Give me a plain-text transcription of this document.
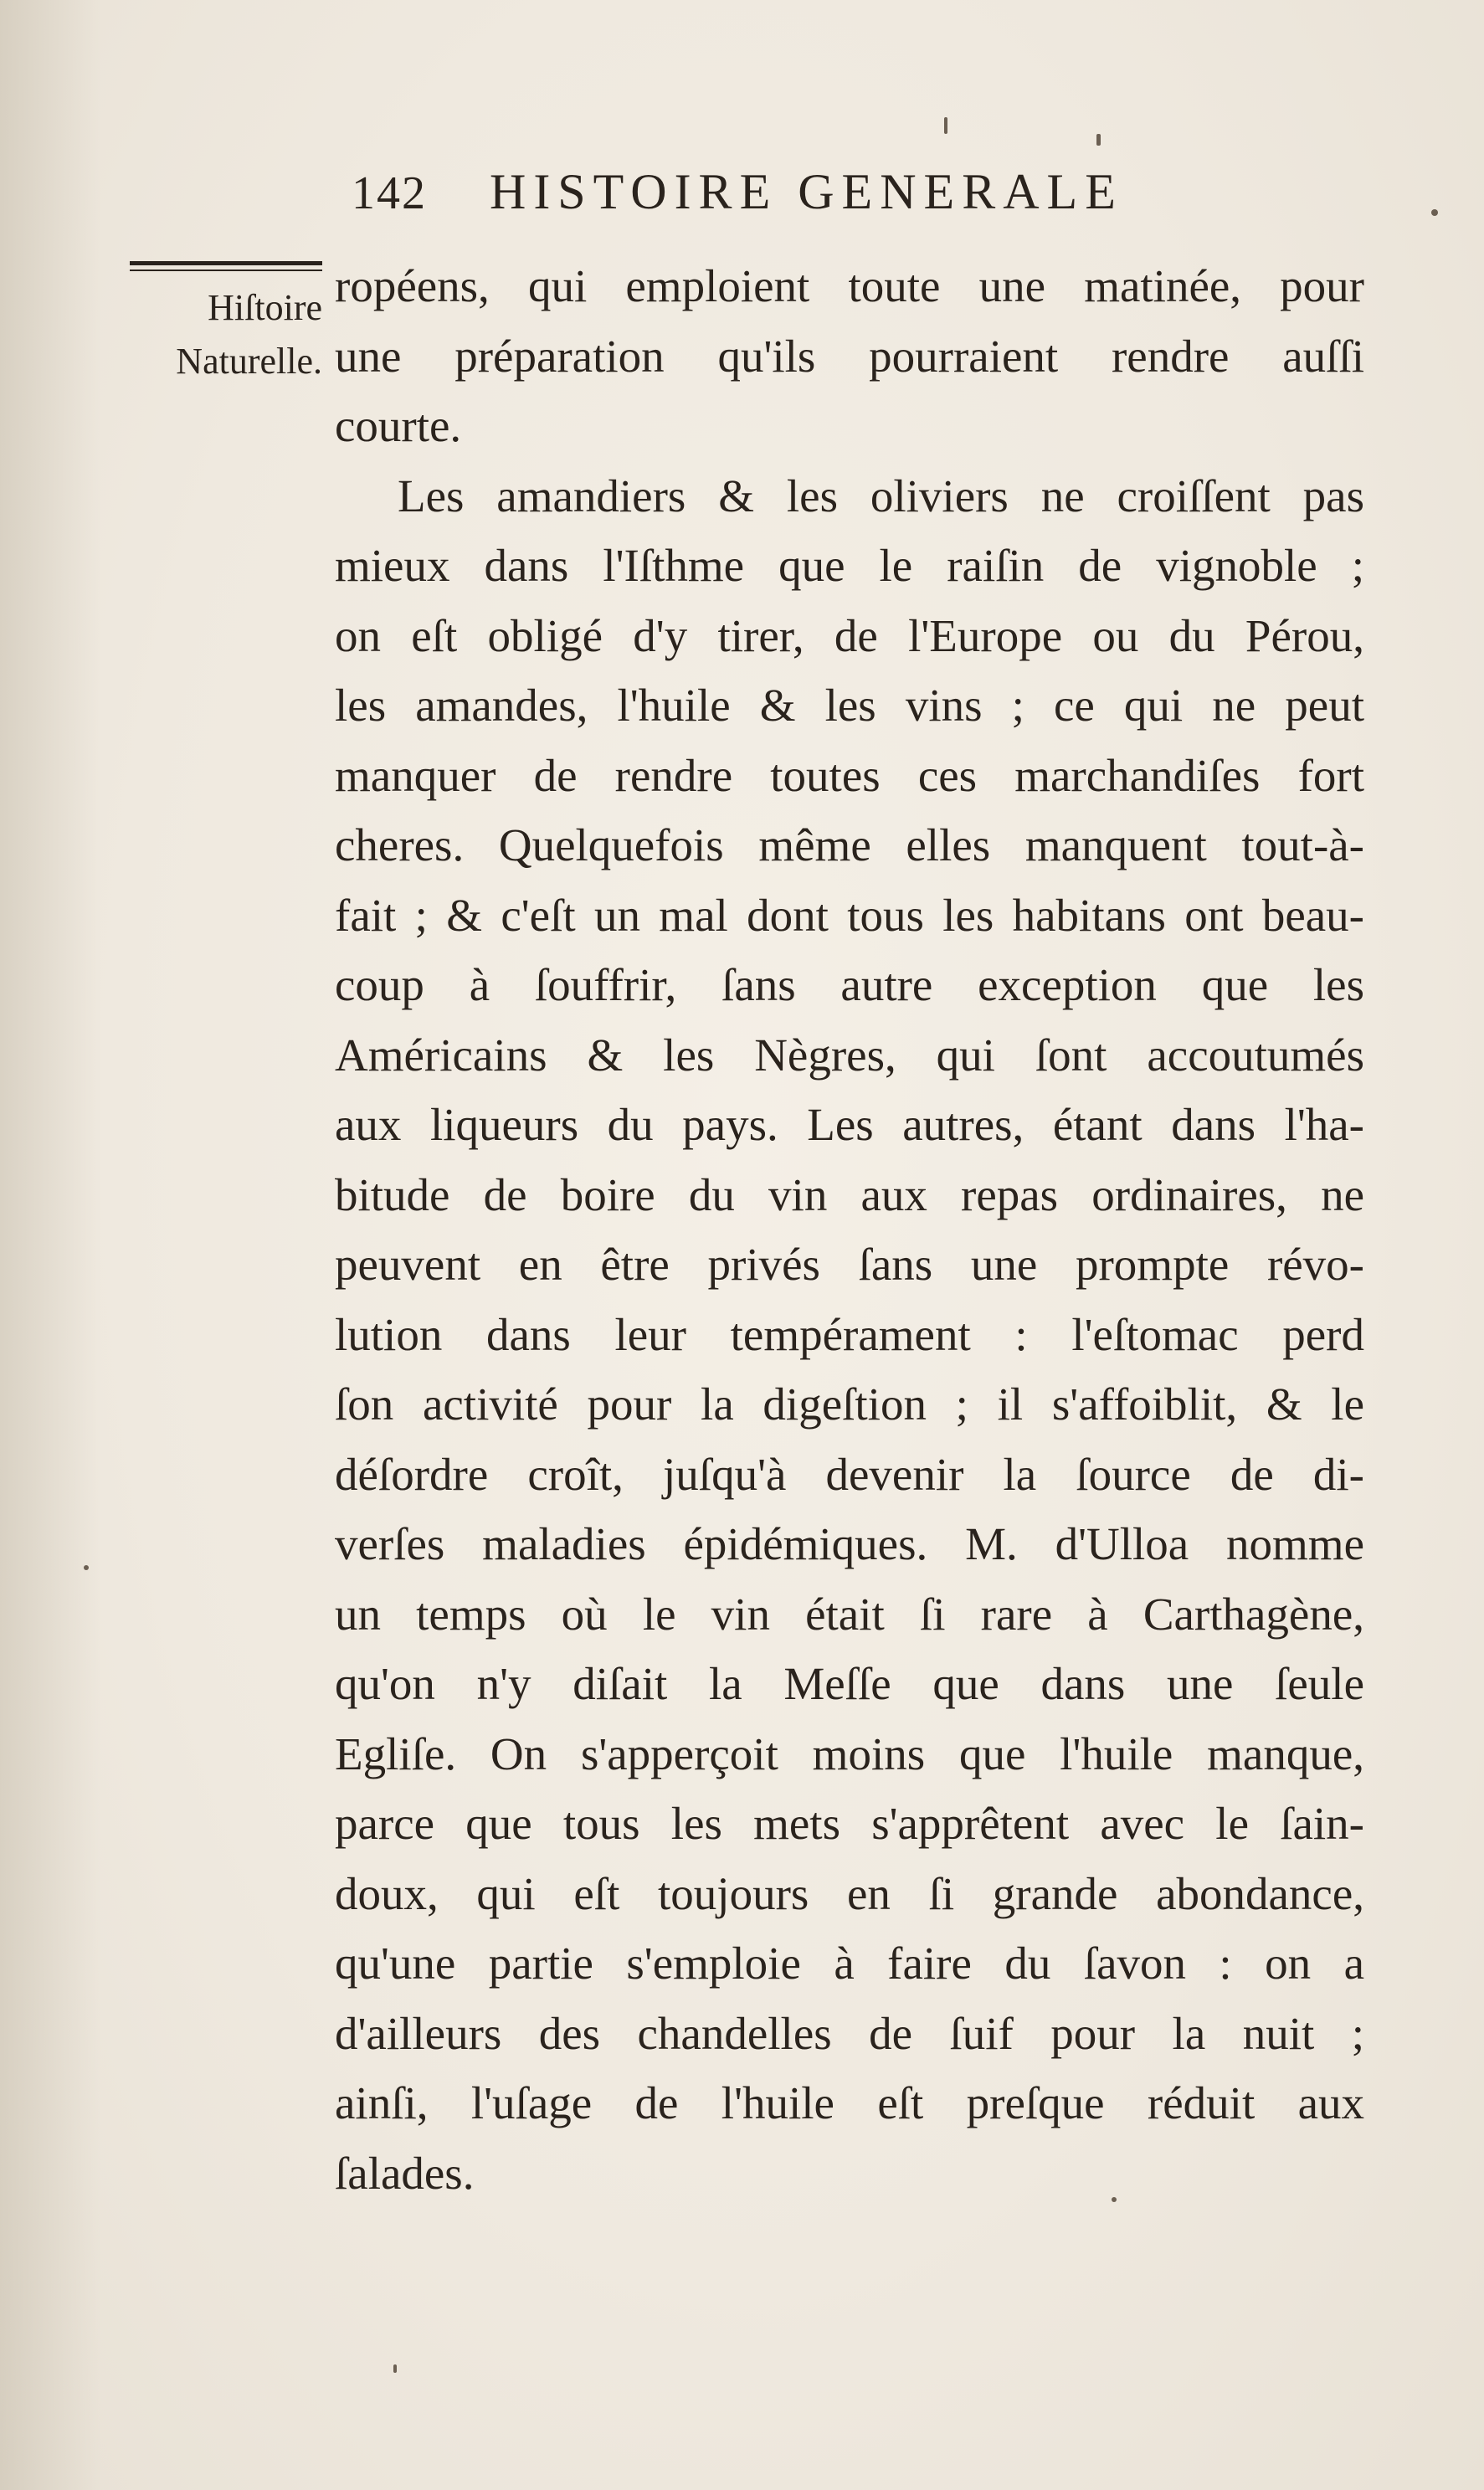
142 HISTOIRE GENERALE
Hiſtoire
Naturelle.
ropéens, qui emploient toute une matinée, pour
une préparation qu'ils pourraient rendre auſſi
courte.
Les amandiers & les oliviers ne croiſſent pas
mieux dans l'Iſthme que le raiſin de vignoble ;
on eſt obligé d'y tirer, de l'Europe ou du Pérou,
les amandes, l'huile & les vins ; ce qui ne peut
manquer de rendre toutes ces marchandiſes fort
cheres. Quelquefois même elles manquent tout-à-
fait ; & c'eſt un mal dont tous les habitans ont beau-
coup à ſouffrir, ſans autre exception que les
Américains & les Nègres, qui ſont accoutumés
aux liqueurs du pays. Les autres, étant dans l'ha-
bitude de boire du vin aux repas ordinaires, ne
peuvent en être privés ſans une prompte révo-
lution dans leur tempérament : l'eſtomac perd
ſon activité pour la digeſtion ; il s'affoiblit, & le
déſordre croît, juſqu'à devenir la ſource de di-
verſes maladies épidémiques. M. d'Ulloa nomme
un temps où le vin était ſi rare à Carthagène,
qu'on n'y diſait la Meſſe que dans une ſeule
Egliſe. On s'apperçoit moins que l'huile manque,
parce que tous les mets s'apprêtent avec le ſain-
doux, qui eſt toujours en ſi grande abondance,
qu'une partie s'emploie à faire du ſavon : on a
d'ailleurs des chandelles de ſuif pour la nuit ;
ainſi, l'uſage de l'huile eſt preſque réduit aux
ſalades.
